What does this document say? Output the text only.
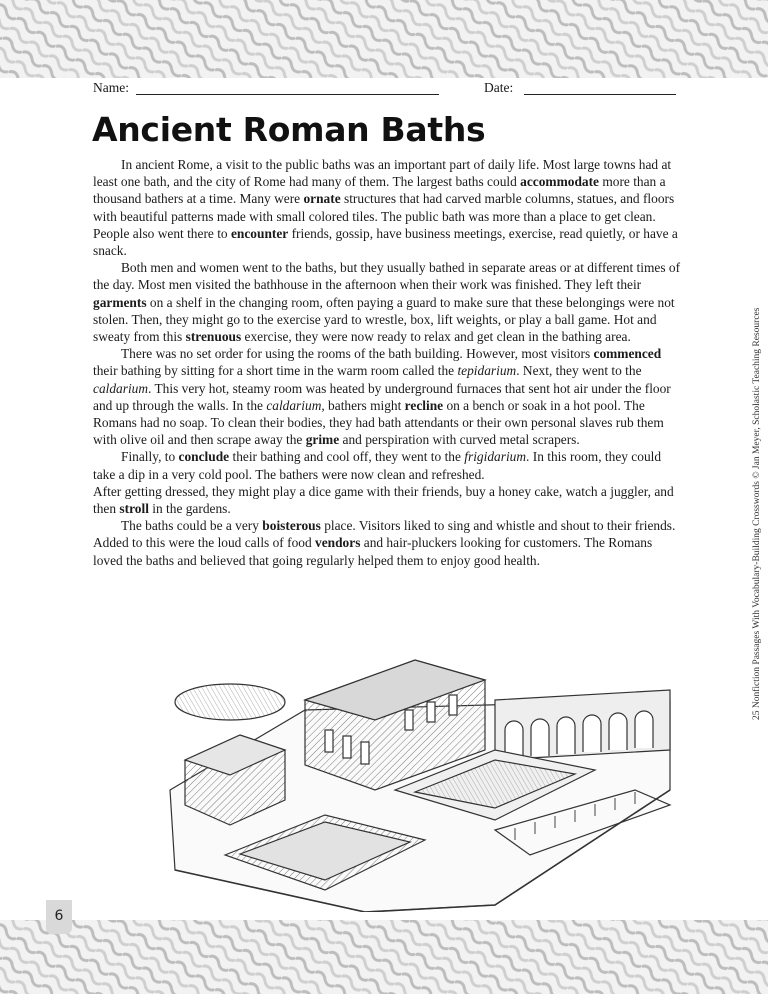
Name:	Date:
Ancient Roman Baths

In ancient Rome, a visit to the public baths was an important part of daily life. Most large towns had at least one bath, and the city of Rome had many of them. The largest baths could accommodate more than a thousand bathers at a time. Many were ornate structures that had carved marble columns, statues, and floors with beautiful patterns made with small colored tiles. The public bath was more than a place to get clean. People also went there to encounter friends, gossip, have business meetings, exercise, read quietly, or have a snack.

Both men and women went to the baths, but they usually bathed in separate areas or at different times of the day. Most men visited the bathhouse in the afternoon when their work was finished. They left their garments on a shelf in the changing room, often paying a guard to make sure that these belongings were not stolen. Then, they might go to the exercise yard to wrestle, box, lift weights, or play a ball game. Hot and sweaty from this strenuous exercise, they were now ready to relax and get clean in the bathing area.

There was no set order for using the rooms of the bath building. However, most visitors commenced their bathing by sitting for a short time in the warm room called the tepidarium. Next, they went to the caldarium. This very hot, steamy room was heated by underground furnaces that sent hot air under the floor and up through the walls. In the caldarium, bathers might recline on a bench or soak in a hot pool. The Romans had no soap. To clean their bodies, they had bath attendants or their own personal slaves rub them with olive oil and then scrape away the grime and perspiration with curved metal scrapers.

Finally, to conclude their bathing and cool off, they went to the frigidarium. In this room, they could take a dip in a very cold pool. The bathers were now clean and refreshed.

After getting dressed, they might play a dice game with their friends, buy a honey cake, watch a juggler, and then stroll in the gardens.

The baths could be a very boisterous place. Visitors liked to sing and whistle and shout to their friends. Added to this were the loud calls of food vendors and hair-pluckers looking for customers. The Romans loved the baths and believed that going regularly helped them to enjoy good health.	25 Nonfiction Passages With Vocabulary-Building Crosswords © Jan Meyer, Scholastic Teaching Resources
6
